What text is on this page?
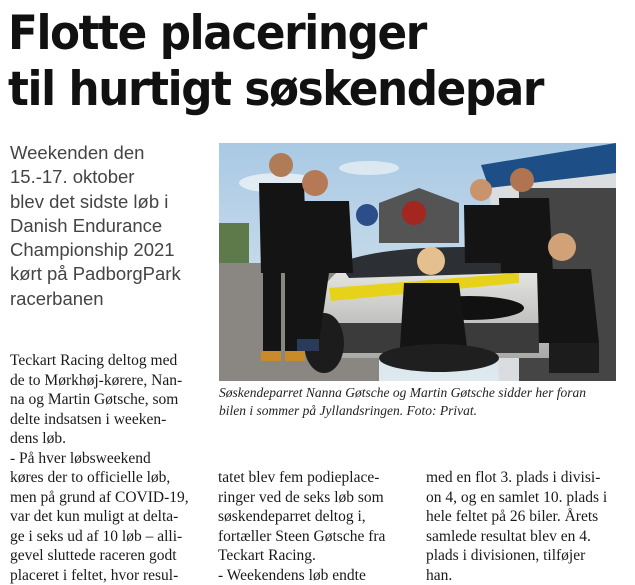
Flotte placeringer
til hurtigt søskendepar
Weekenden den
15.-17. oktober
blev det sidste løb i
Danish Endurance
Championship 2021
kørt på PadborgPark
racerbanen
Søskendeparret Nanna Gøtsche og Martin Gøtsche sidder her foran
bilen i sommer på Jyllandsringen. Foto: Privat.
Teckart Racing deltog med
de to Mørkhøj-kørere, Nan-
na og Martin Gøtsche, som
delte indsatsen i weeken-
dens løb.
- På hver løbsweekend
køres der to officielle løb,
men på grund af COVID-19,
var det kun muligt at delta-
ge i seks ud af 10 løb – alli-
gevel sluttede raceren godt
placeret i feltet, hvor resul-
tatet blev fem podieplace-
ringer ved de seks løb som
søskendeparret deltog i,
fortæller Steen Gøtsche fra
Teckart Racing.
- Weekendens løb endte
med en flot 3. plads i divisi-
on 4, og en samlet 10. plads i
hele feltet på 26 biler. Årets
samlede resultat blev en 4.
plads i divisionen, tilføjer
han.
